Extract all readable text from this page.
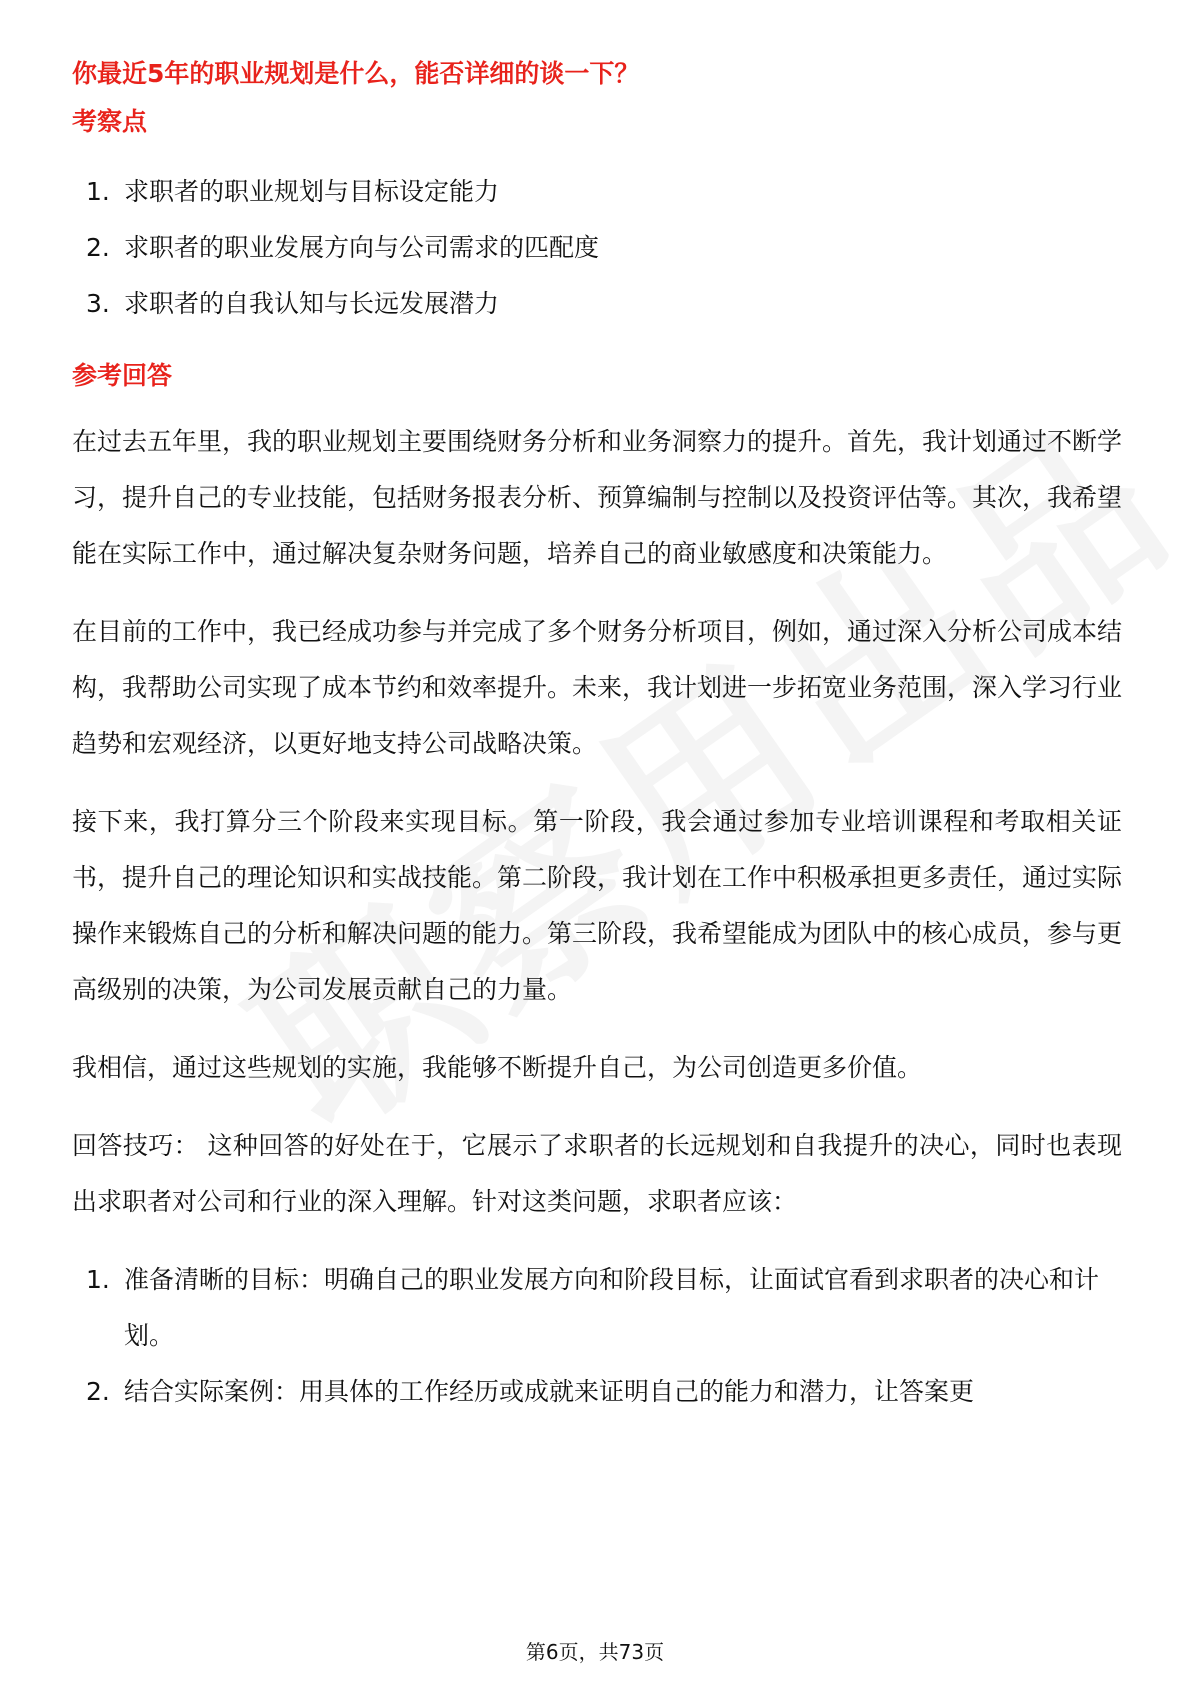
你最近5年的职业规划是什么，能否详细的谈一下？
考察点
1. 求职者的职业规划与目标设定能力
2. 求职者的职业发展方向与公司需求的匹配度
3. 求职者的自我认知与长远发展潜力
参考回答

在过去五年里，我的职业规划主要围绕财务分析和业务洞察力的提升。首先，我计划通过不断学习，提升自己的专业技能，包括财务报表分析、预算编制与控制以及投资评估等。其次，我希望能在实际工作中，通过解决复杂财务问题，培养自己的商业敏感度和决策能力。

在目前的工作中，我已经成功参与并完成了多个财务分析项目，例如，通过深入分析公司成本结构，我帮助公司实现了成本节约和效率提升。未来，我计划进一步拓宽业务范围，深入学习行业趋势和宏观经济，以更好地支持公司战略决策。

接下来，我打算分三个阶段来实现目标。第一阶段，我会通过参加专业培训课程和考取相关证书，提升自己的理论知识和实战技能。第二阶段，我计划在工作中积极承担更多责任，通过实际操作来锻炼自己的分析和解决问题的能力。第三阶段，我希望能成为团队中的核心成员，参与更高级别的决策，为公司发展贡献自己的力量。

我相信，通过这些规划的实施，我能够不断提升自己，为公司创造更多价值。

回答技巧： 这种回答的好处在于，它展示了求职者的长远规划和自我提升的决心，同时也表现出求职者对公司和行业的深入理解。针对这类问题，求职者应该：

1. 准备清晰的目标：明确自己的职业发展方向和阶段目标，让面试官看到求职者的决心和计划。
2. 结合实际案例：用具体的工作经历或成就来证明自己的能力和潜力，让答案更
第6页，共73页
